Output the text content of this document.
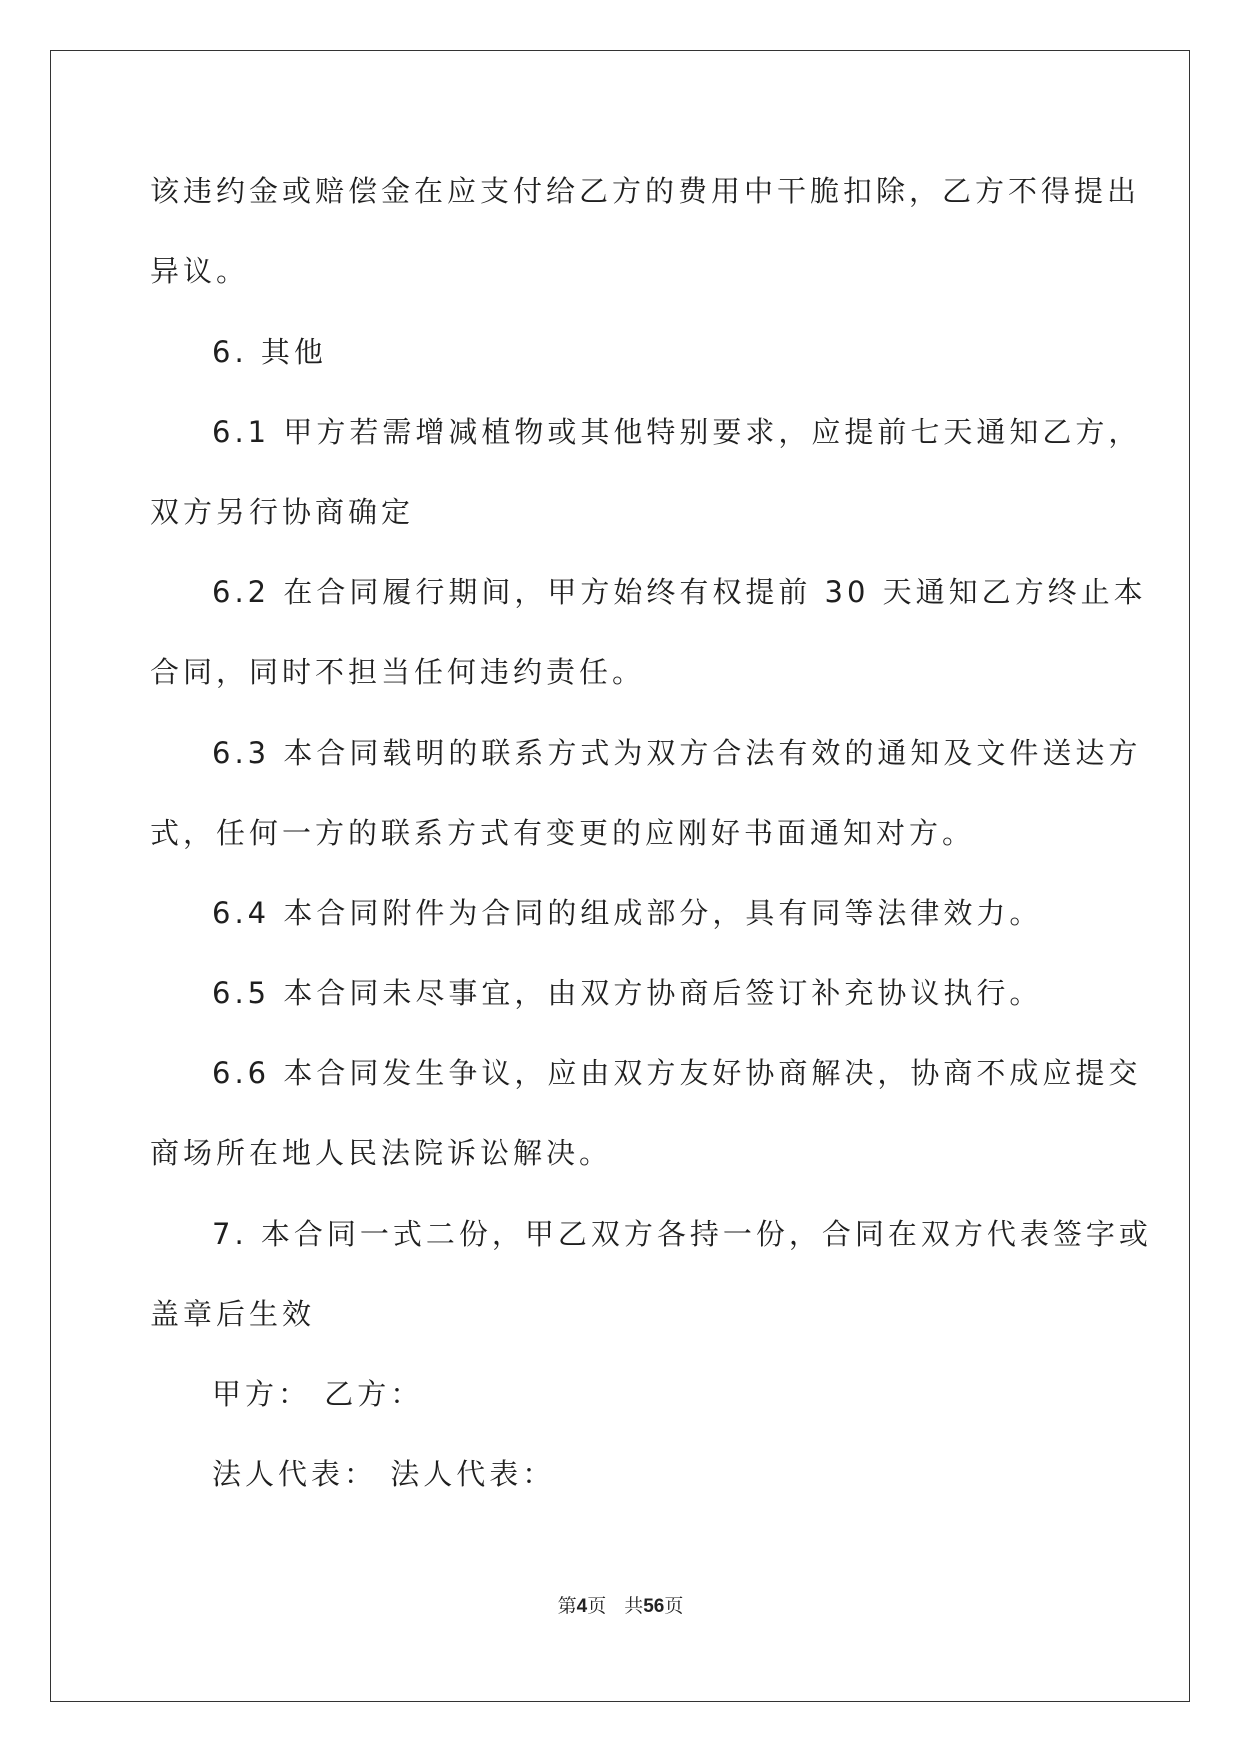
该违约金或赔偿金在应支付给乙方的费用中干脆扣除，乙方不得提出
异议。
6. 其他
6.1 甲方若需增减植物或其他特别要求，应提前七天通知乙方，
双方另行协商确定
6.2 在合同履行期间，甲方始终有权提前 30 天通知乙方终止本
合同，同时不担当任何违约责任。
6.3 本合同载明的联系方式为双方合法有效的通知及文件送达方
式，任何一方的联系方式有变更的应刚好书面通知对方。
6.4 本合同附件为合同的组成部分，具有同等法律效力。
6.5 本合同未尽事宜，由双方协商后签订补充协议执行。
6.6 本合同发生争议，应由双方友好协商解决，协商不成应提交
商场所在地人民法院诉讼解决。
7. 本合同一式二份，甲乙双方各持一份，合同在双方代表签字或
盖章后生效
甲方： 乙方：
法人代表： 法人代表：
第4页 共56页
